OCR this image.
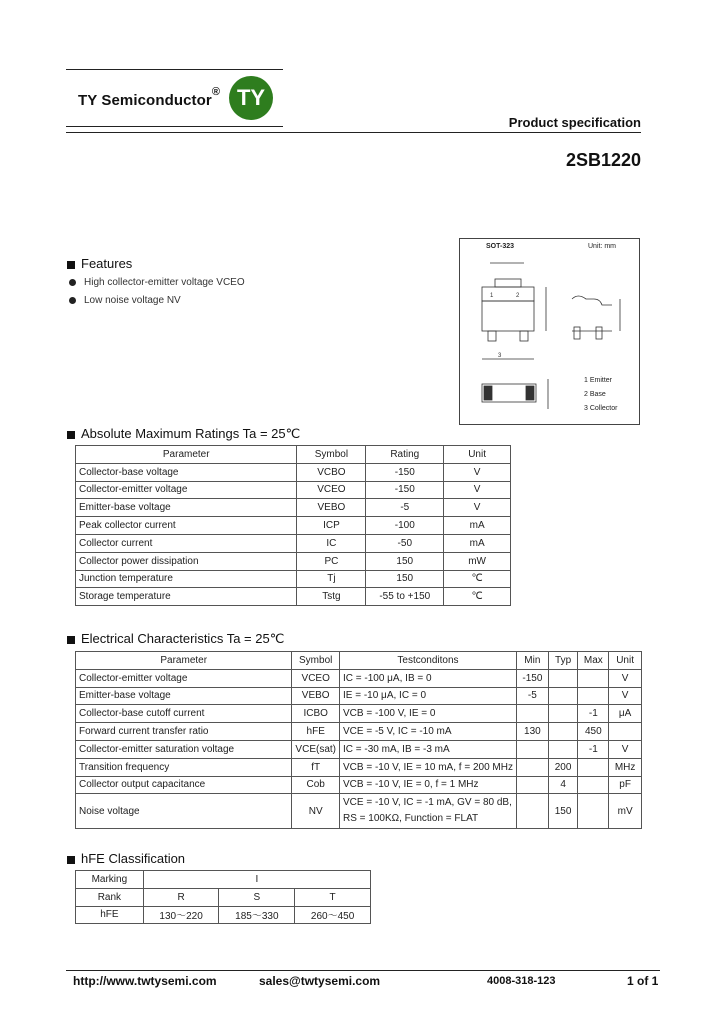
TY Semiconductor® TY
Product specification
2SB1220
SOT-323	Unit: mm
1	2
3
1 Emitter
2 Base
3 Collector
Features
High collector-emitter voltage VCEO
Low noise voltage NV
Absolute Maximum Ratings Ta = 25℃
Parameter	Symbol	Rating	Unit
Collector-base voltage	VCBO	-150	V
Collector-emitter voltage	VCEO	-150	V
Emitter-base voltage	VEBO	-5	V
Peak collector current	ICP	-100	mA
Collector current	IC	-50	mA
Collector power dissipation	PC	150	mW
Junction temperature	Tj	150	℃
Storage temperature	Tstg	-55 to +150	℃
Electrical Characteristics Ta = 25℃
Parameter	Symbol	Testconditons	Min	Typ	Max	Unit
Collector-emitter voltage	VCEO	IC = -100 μA, IB = 0	-150			V
Emitter-base voltage	VEBO	IE = -10 μA, IC = 0	-5			V
Collector-base cutoff current	ICBO	VCB = -100 V, IE = 0			-1	μA
Forward current transfer ratio	hFE	VCE = -5 V, IC = -10 mA	130		450	
Collector-emitter saturation voltage	VCE(sat)	IC = -30 mA, IB = -3 mA			-1	V
Transition frequency	fT	VCB = -10 V, IE = 10 mA, f = 200 MHz		200		MHz
Collector output capacitance	Cob	VCB = -10 V, IE = 0, f = 1 MHz		4		pF
Noise voltage	NV	VCE = -10 V, IC = -1 mA, GV = 80 dB,
RS = 100KΩ, Function = FLAT		150		mV
hFE Classification
Marking	I		
Rank	R	S	T
hFE	130～220	185～330	260～450
http://www.twtysemi.com	sales@twtysemi.com	4008-318-123	1 of 1
